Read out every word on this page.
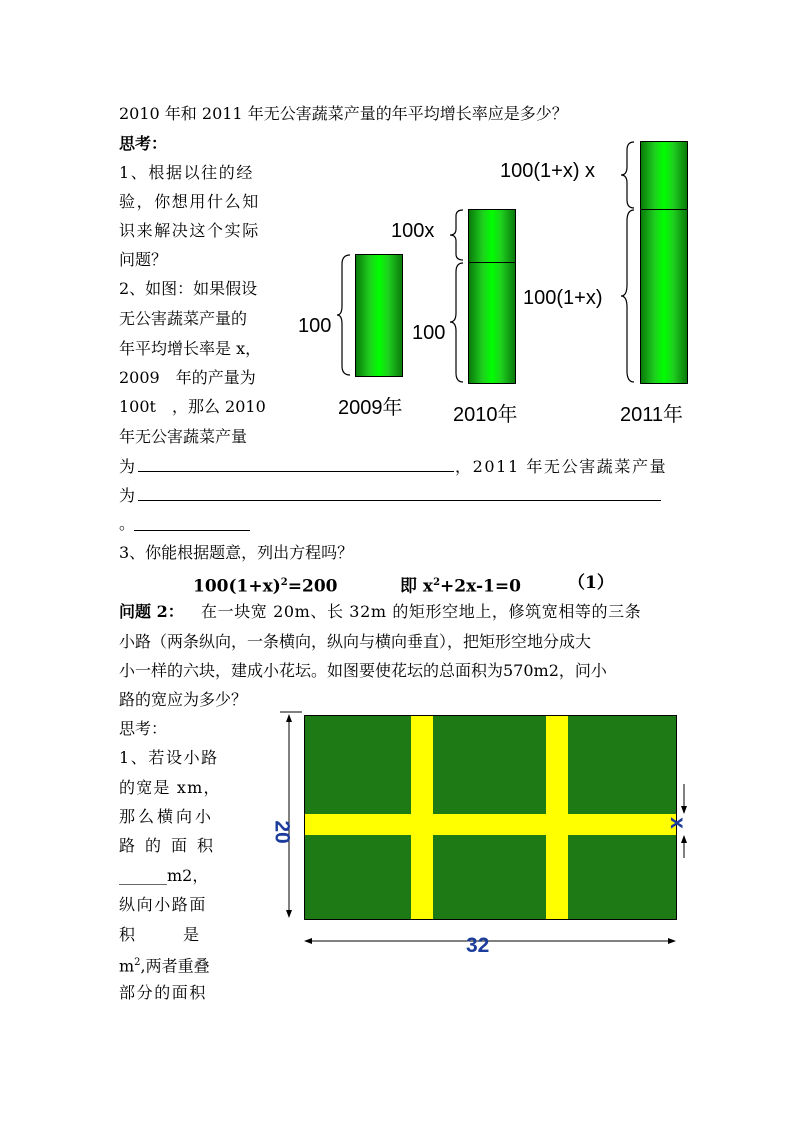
2010 年和 2011 年无公害蔬菜产量的年平均增长率应是多少？
思考：
1、根据以往的经
验，你想用什么知
识来解决这个实际
问题？
2、如图：如果假设
无公害蔬菜产量的
年平均增长率是 x，
2009　年的产量为
100t　，那么 2010
年无公害蔬菜产量
100
2009年
100x
100
2010年
100(1+x) x
100(1+x)
2011年
为	，2011 年无公害蔬菜产量
为
。
3、你能根据题意，列出方程吗？
$100(1+x)^2=200$	即 $x^2+2x-1=0$	（1）
问题 2： 在一块宽 20m、长 32m 的矩形空地上，修筑宽相等的三条
小路（两条纵向，一条横向，纵向与横向垂直），把矩形空地分成大
小一样的六块，建成小花坛。如图要使花坛的总面积为570m2，问小
路的宽应为多少？
思考：
1、若设小路
的宽是 xm，
那么横向小
路的面积
______m2，
纵向小路面
积　　　是
$m^2$,两者重叠
部分的面积
20
32
x
